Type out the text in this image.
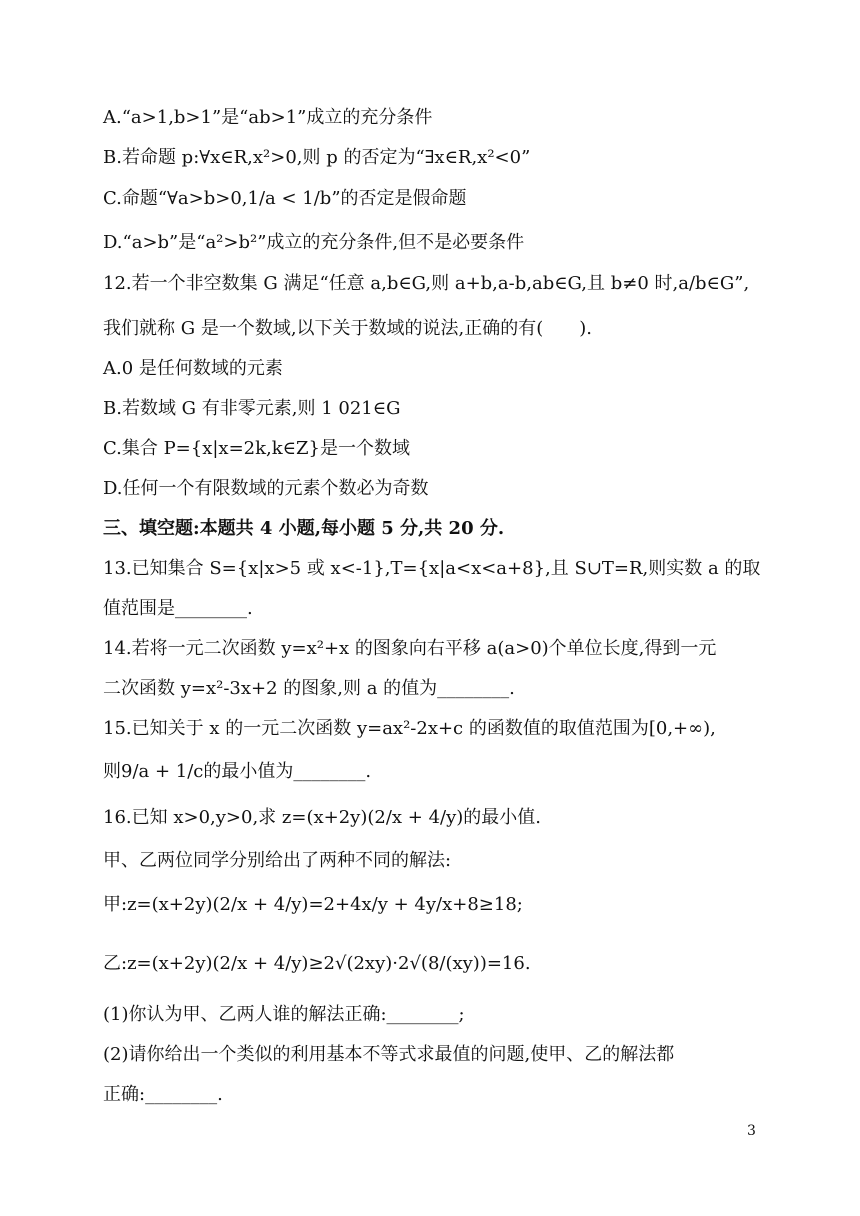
A.“a>1,b>1”是“ab>1”成立的充分条件
B.若命题 p:∀x∈R,x²>0,则 p 的否定为“∃x∈R,x²<0”
C.命题“∀a>b>0,1/a < 1/b”的否定是假命题
D.“a>b”是“a²>b²”成立的充分条件,但不是必要条件
12.若一个非空数集 G 满足“任意 a,b∈G,则 a+b,a-b,ab∈G,且 b≠0 时,a/b∈G”,
我们就称 G 是一个数域,以下关于数域的说法,正确的有(　　).
A.0 是任何数域的元素
B.若数域 G 有非零元素,则 1 021∈G
C.集合 P={x|x=2k,k∈Z}是一个数域
D.任何一个有限数域的元素个数必为奇数
三、填空题:本题共 4 小题,每小题 5 分,共 20 分.
13.已知集合 S={x|x>5 或 x<-1},T={x|a<x<a+8},且 S∪T=R,则实数 a 的取
值范围是________.
14.若将一元二次函数 y=x²+x 的图象向右平移 a(a>0)个单位长度,得到一元
二次函数 y=x²-3x+2 的图象,则 a 的值为________.
15.已知关于 x 的一元二次函数 y=ax²-2x+c 的函数值的取值范围为[0,+∞),
则9/a + 1/c的最小值为________.
16.已知 x>0,y>0,求 z=(x+2y)(2/x + 4/y)的最小值.
甲、乙两位同学分别给出了两种不同的解法:
甲:z=(x+2y)(2/x + 4/y)=2+4x/y + 4y/x+8≥18;
乙:z=(x+2y)(2/x + 4/y)≥2√(2xy)·2√(8/(xy))=16.
(1)你认为甲、乙两人谁的解法正确:________;
(2)请你给出一个类似的利用基本不等式求最值的问题,使甲、乙的解法都
正确:________.
3
